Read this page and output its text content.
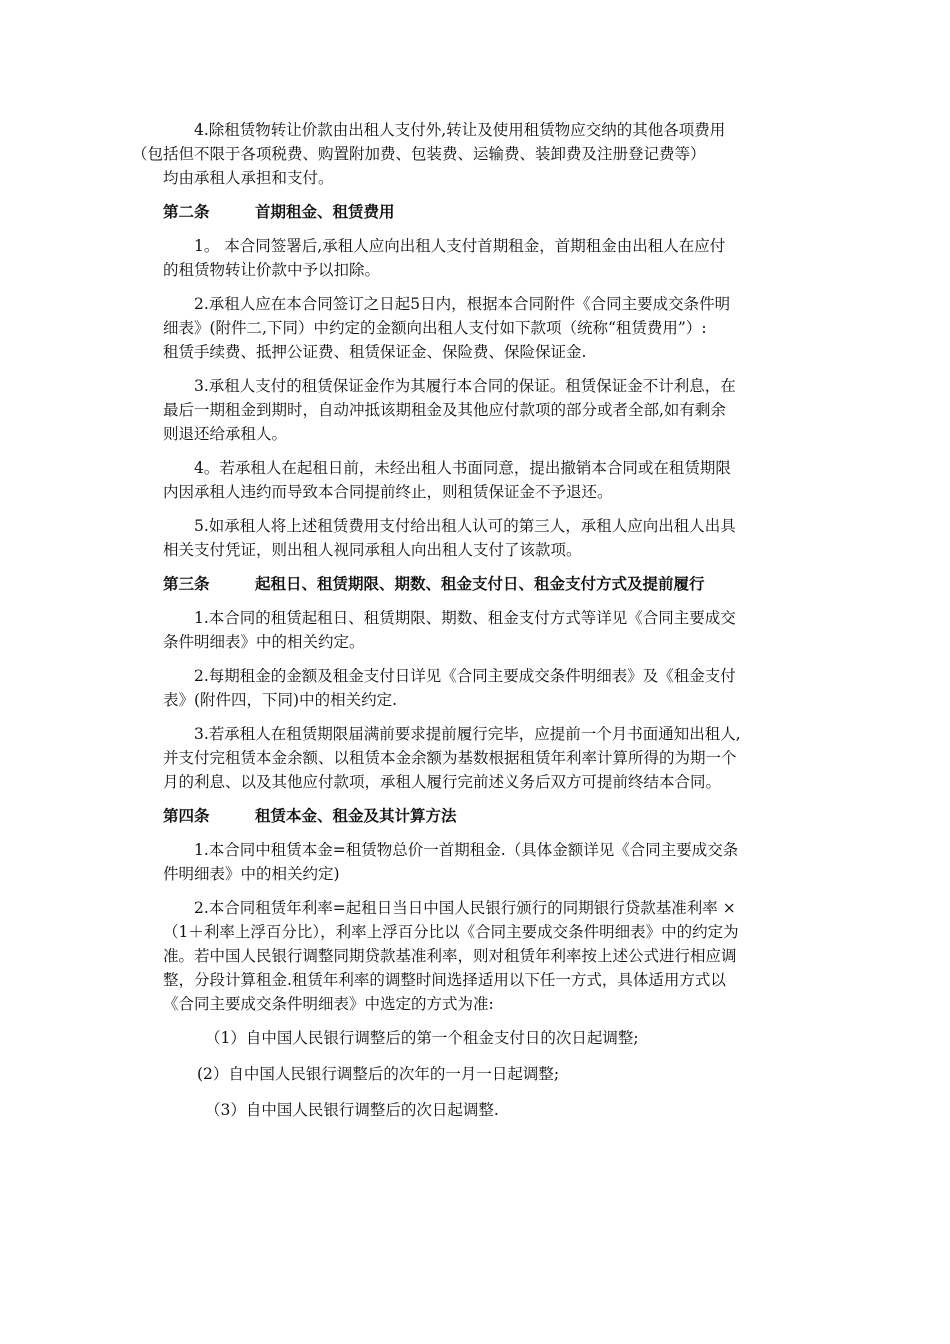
4.除租赁物转让价款由出租人支付外,转让及使用租赁物应交纳的其他各项费用
（包括但不限于各项税费、购置附加费、包装费、运输费、装卸费及注册登记费等）
均由承租人承担和支付。
第二条	首期租金、租赁费用
1。 本合同签署后,承租人应向出租人支付首期租金，首期租金由出租人在应付
的租赁物转让价款中予以扣除。
2.承租人应在本合同签订之日起5日内，根据本合同附件《合同主要成交条件明
细表》(附件二,下同）中约定的金额向出租人支付如下款项（统称“租赁费用”）:
租赁手续费、抵押公证费、租赁保证金、保险费、保险保证金.
3.承租人支付的租赁保证金作为其履行本合同的保证。租赁保证金不计利息，在
最后一期租金到期时，自动冲抵该期租金及其他应付款项的部分或者全部,如有剩余
则退还给承租人。
4。若承租人在起租日前，未经出租人书面同意，提出撤销本合同或在租赁期限
内因承租人违约而导致本合同提前终止，则租赁保证金不予退还。
5.如承租人将上述租赁费用支付给出租人认可的第三人，承租人应向出租人出具
相关支付凭证，则出租人视同承租人向出租人支付了该款项。
第三条	起租日、租赁期限、期数、租金支付日、租金支付方式及提前履行
1.本合同的租赁起租日、租赁期限、期数、租金支付方式等详见《合同主要成交
条件明细表》中的相关约定。
2.每期租金的金额及租金支付日详见《合同主要成交条件明细表》及《租金支付
表》(附件四，下同)中的相关约定.
3.若承租人在租赁期限届满前要求提前履行完毕，应提前一个月书面通知出租人,
并支付完租赁本金余额、以租赁本金余额为基数根据租赁年利率计算所得的为期一个
月的利息、以及其他应付款项，承租人履行完前述义务后双方可提前终结本合同。
第四条	租赁本金、租金及其计算方法
1.本合同中租赁本金=租赁物总价一首期租金.（具体金额详见《合同主要成交条
件明细表》中的相关约定)
2.本合同租赁年利率=起租日当日中国人民银行颁行的同期银行贷款基准利率 ×
（1＋利率上浮百分比），利率上浮百分比以《合同主要成交条件明细表》中的约定为
准。若中国人民银行调整同期贷款基准利率，则对租赁年利率按上述公式进行相应调
整，分段计算租金.租赁年利率的调整时间选择适用以下任一方式，具体适用方式以
《合同主要成交条件明细表》中选定的方式为准:
（1）自中国人民银行调整后的第一个租金支付日的次日起调整;
(2）自中国人民银行调整后的次年的一月一日起调整;
（3）自中国人民银行调整后的次日起调整.
